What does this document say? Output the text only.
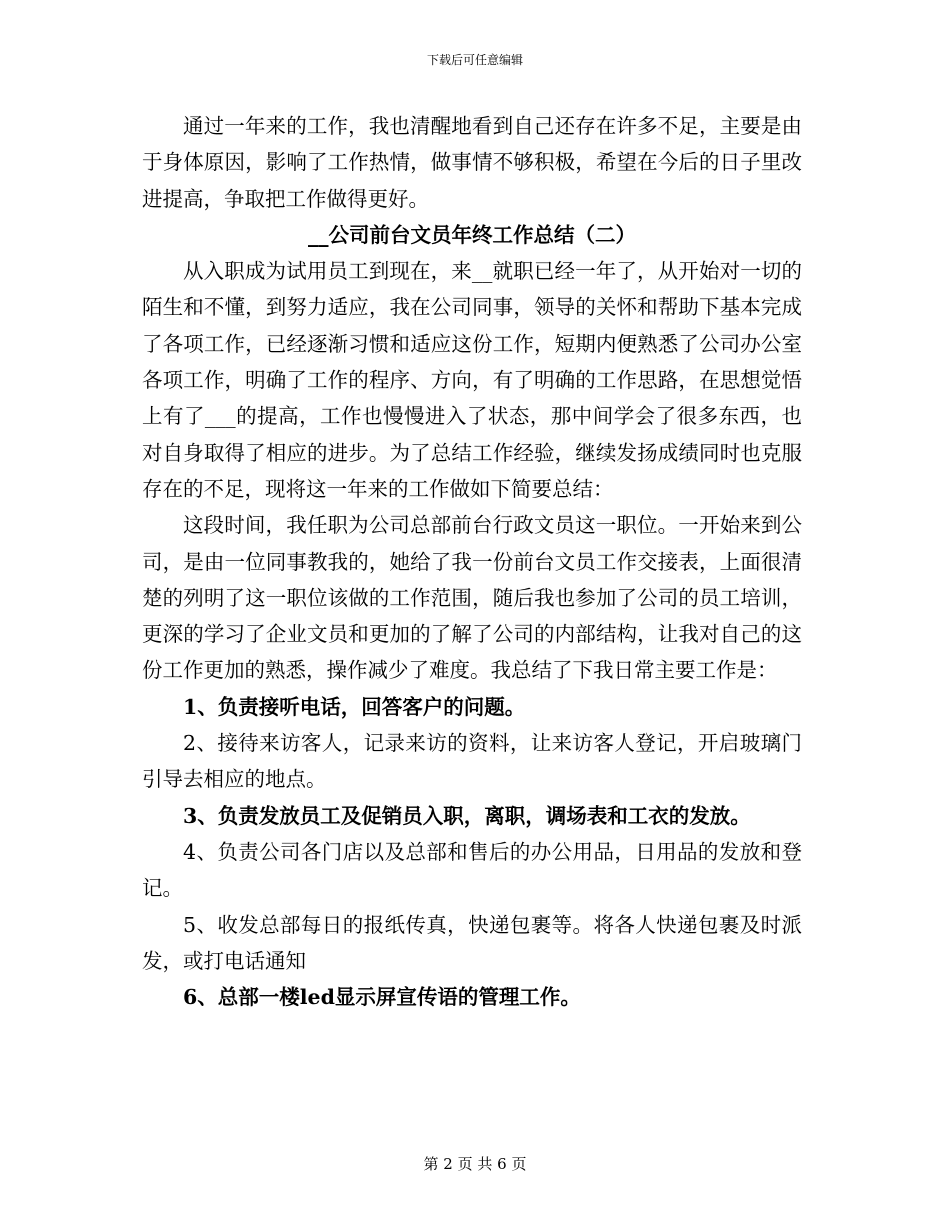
下载后可任意编辑

通过一年来的工作，我也清醒地看到自己还存在许多不足，主要是由于身体原因，影响了工作热情，做事情不够积极，希望在今后的日子里改进提高，争取把工作做得更好。

__公司前台文员年终工作总结（二）

从入职成为试用员工到现在，来__就职已经一年了，从开始对一切的陌生和不懂，到努力适应，我在公司同事，领导的关怀和帮助下基本完成了各项工作，已经逐渐习惯和适应这份工作，短期内便熟悉了公司办公室各项工作，明确了工作的程序、方向，有了明确的工作思路，在思想觉悟上有了___的提高，工作也慢慢进入了状态，那中间学会了很多东西，也对自身取得了相应的进步。为了总结工作经验，继续发扬成绩同时也克服存在的不足，现将这一年来的工作做如下简要总结：

这段时间，我任职为公司总部前台行政文员这一职位。一开始来到公司，是由一位同事教我的，她给了我一份前台文员工作交接表，上面很清楚的列明了这一职位该做的工作范围，随后我也参加了公司的员工培训，更深的学习了企业文员和更加的了解了公司的内部结构，让我对自己的这份工作更加的熟悉，操作减少了难度。我总结了下我日常主要工作是：

1、负责接听电话，回答客户的问题。

2、接待来访客人，记录来访的资料，让来访客人登记，开启玻璃门引导去相应的地点。

3、负责发放员工及促销员入职，离职，调场表和工衣的发放。

4、负责公司各门店以及总部和售后的办公用品，日用品的发放和登记。

5、收发总部每日的报纸传真，快递包裹等。将各人快递包裹及时派发，或打电话通知

6、总部一楼led显示屏宣传语的管理工作。

第 2 页 共 6 页
